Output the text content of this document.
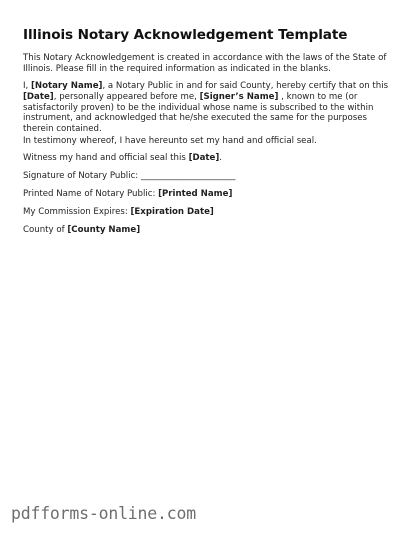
Illinois Notary Acknowledgement Template
This Notary Acknowledgement is created in accordance with the laws of the State of Illinois. Please fill in the required information as indicated in the blanks.
I, [Notary Name], a Notary Public in and for said County, hereby certify that on this [Date], personally appeared before me, [Signer’s Name] , known to me (or satisfactorily proven) to be the individual whose name is subscribed to the within instrument, and acknowledged that he/she executed the same for the purposes therein contained.
In testimony whereof, I have hereunto set my hand and official seal.
Witness my hand and official seal this [Date].
Signature of Notary Public: ______________________
Printed Name of Notary Public: [Printed Name]
My Commission Expires: [Expiration Date]
County of [County Name]
pdfforms-online.com
